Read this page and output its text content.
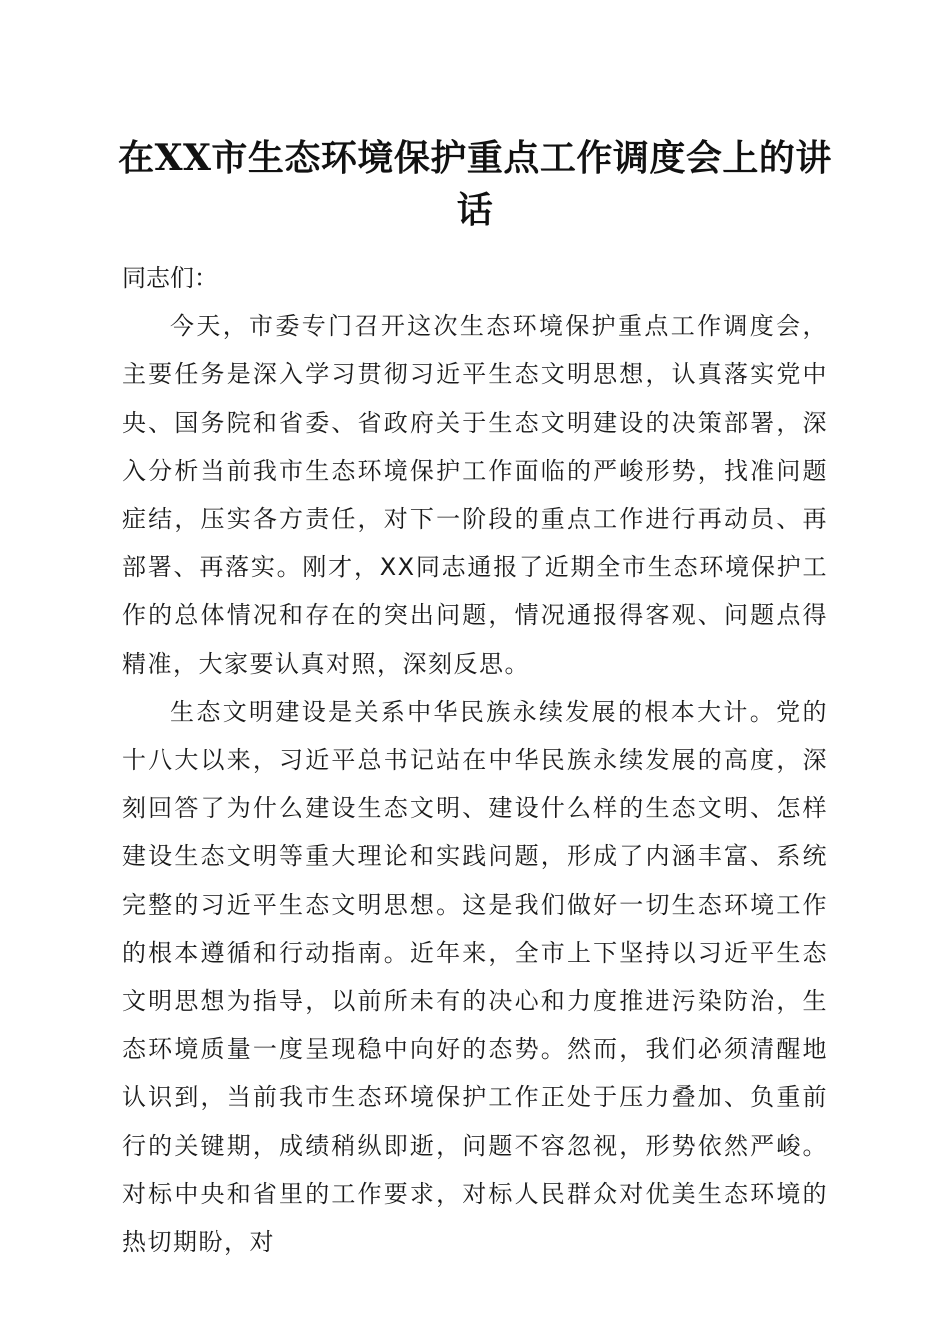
在XX市生态环境保护重点工作调度会上的讲话

同志们：

今天，市委专门召开这次生态环境保护重点工作调度会，主要任务是深入学习贯彻习近平生态文明思想，认真落实党中央、国务院和省委、省政府关于生态文明建设的决策部署，深入分析当前我市生态环境保护工作面临的严峻形势，找准问题症结，压实各方责任，对下一阶段的重点工作进行再动员、再部署、再落实。刚才，XX同志通报了近期全市生态环境保护工作的总体情况和存在的突出问题，情况通报得客观、问题点得精准，大家要认真对照，深刻反思。

生态文明建设是关系中华民族永续发展的根本大计。党的十八大以来，习近平总书记站在中华民族永续发展的高度，深刻回答了为什么建设生态文明、建设什么样的生态文明、怎样建设生态文明等重大理论和实践问题，形成了内涵丰富、系统完整的习近平生态文明思想。这是我们做好一切生态环境工作的根本遵循和行动指南。近年来，全市上下坚持以习近平生态文明思想为指导，以前所未有的决心和力度推进污染防治，生态环境质量一度呈现稳中向好的态势。然而，我们必须清醒地认识到，当前我市生态环境保护工作正处于压力叠加、负重前行的关键期，成绩稍纵即逝，问题不容忽视，形势依然严峻。对标中央和省里的工作要求，对标人民群众对优美生态环境的热切期盼，对
